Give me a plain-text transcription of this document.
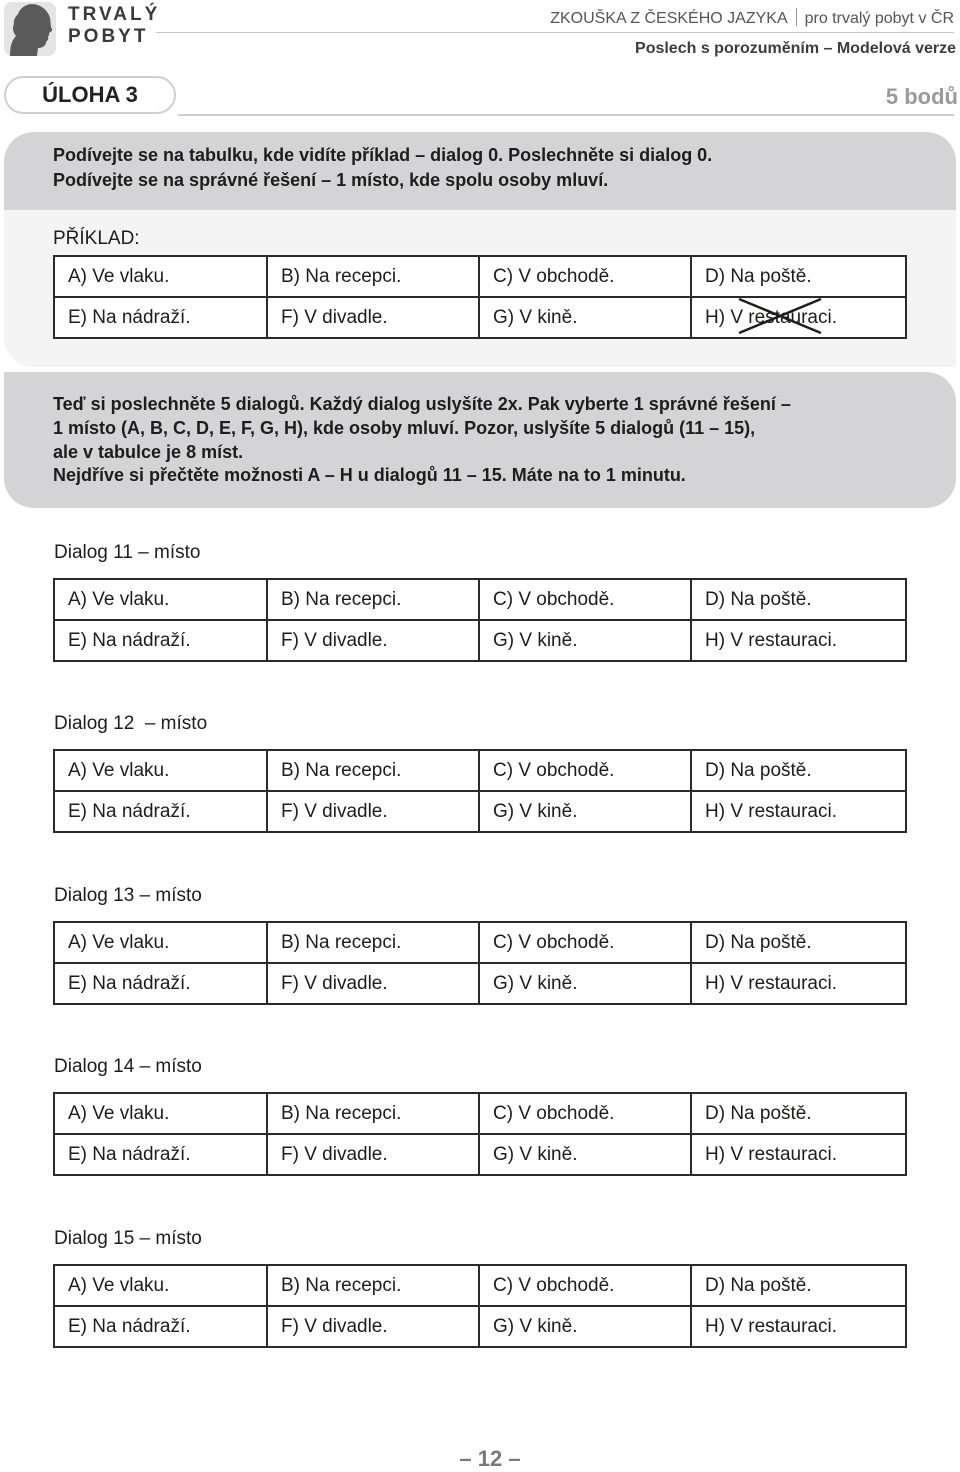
TRVALÝ
POBYT
ZKOUŠKA Z ČESKÉHO JAZYKA pro trvalý pobyt v ČR
Poslech s porozuměním – Modelová verze
ÚLOHA 3	5 bodů
Podívejte se na tabulku, kde vidíte příklad – dialog 0. Poslechněte si dialog 0.
Podívejte se na správné řešení – 1 místo, kde spolu osoby mluví.
PŘÍKLAD:
A) Ve vlaku.	B) Na recepci.	C) V obchodě.	D) Na poště.
E) Na nádraží.	F) V divadle.	G) V kině.	H) V restauraci.
Teď si poslechněte 5 dialogů. Každý dialog uslyšíte 2x. Pak vyberte 1 správné řešení –
1 místo (A, B, C, D, E, F, G, H), kde osoby mluví. Pozor, uslyšíte 5 dialogů (11 – 15),
ale v tabulce je 8 míst.
Nejdříve si přečtěte možnosti A – H u dialogů 11 – 15. Máte na to 1 minutu.
Dialog 11 – místo
A) Ve vlaku.	B) Na recepci.	C) V obchodě.	D) Na poště.
E) Na nádraží.	F) V divadle.	G) V kině.	H) V restauraci.
Dialog 12  – místo
A) Ve vlaku.	B) Na recepci.	C) V obchodě.	D) Na poště.
E) Na nádraží.	F) V divadle.	G) V kině.	H) V restauraci.
Dialog 13 – místo
A) Ve vlaku.	B) Na recepci.	C) V obchodě.	D) Na poště.
E) Na nádraží.	F) V divadle.	G) V kině.	H) V restauraci.
Dialog 14 – místo
A) Ve vlaku.	B) Na recepci.	C) V obchodě.	D) Na poště.
E) Na nádraží.	F) V divadle.	G) V kině.	H) V restauraci.
Dialog 15 – místo
A) Ve vlaku.	B) Na recepci.	C) V obchodě.	D) Na poště.
E) Na nádraží.	F) V divadle.	G) V kině.	H) V restauraci.
– 12 –
